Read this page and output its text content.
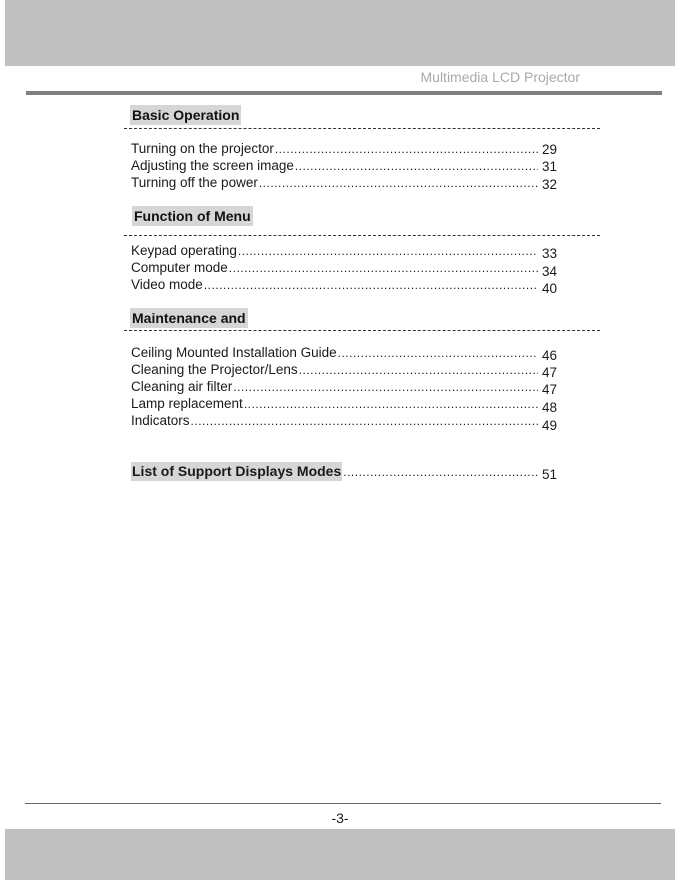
Multimedia LCD Projector
Basic Operation
Turning on the projector .....	29
Adjusting the screen image .....	31
Turning off the power .....	32
Function of Menu
Keypad operating .....	33
Computer mode .....	34
Video mode .....	40
Maintenance and
Ceiling Mounted Installation Guide .....	46
Cleaning the Projector/Lens .....	47
Cleaning air filter .....	47
Lamp replacement .....	48
Indicators .....	49
List of Support Displays Modes .....	51
-3-
